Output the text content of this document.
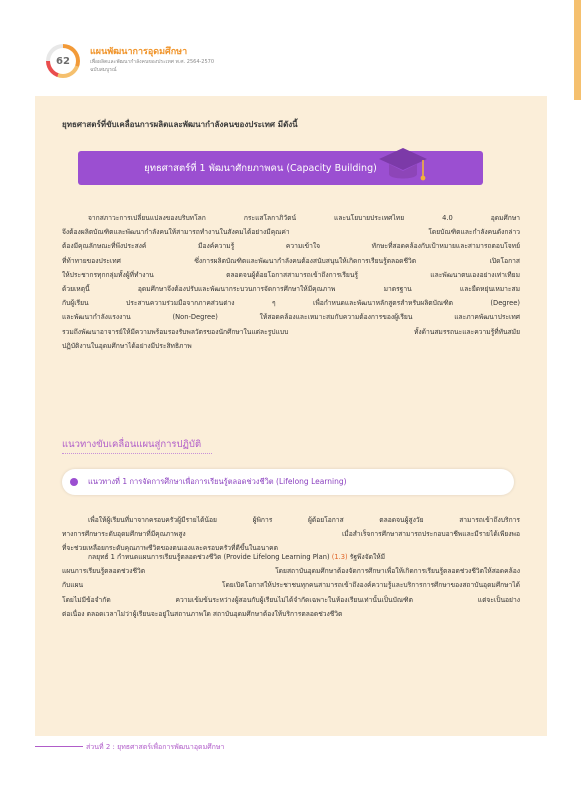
62
แผนพัฒนาการอุดมศึกษา
เพื่อผลิตและพัฒนากำลังคนของประเทศ พ.ศ. 2564-2570
ฉบับสมบูรณ์
ยุทธศาสตร์ที่ขับเคลื่อนการผลิตและพัฒนากำลังคนของประเทศ มีดังนี้
ยุทธศาสตร์ที่ 1 พัฒนาศักยภาพคน (Capacity Building)
จากสภาวะการเปลี่ยนแปลงของบริบทโลก กระแสโลกาภิวัตน์ และนโยบายประเทศไทย 4.0 อุดมศึกษา
จึงต้องผลิตบัณฑิตและพัฒนากำลังคนให้สามารถทำงานในสังคมได้อย่างมีคุณค่า โดยบัณฑิตและกำลังคนดังกล่าว
ต้องมีคุณลักษณะที่พึงประสงค์ มีองค์ความรู้ ความเข้าใจ ทักษะที่สอดคล้องกับเป้าหมายและสามารถตอบโจทย์
ที่ท้าทายของประเทศ ซึ่งการผลิตบัณฑิตและพัฒนากำลังคนต้องสนับสนุนให้เกิดการเรียนรู้ตลอดชีวิต เปิดโอกาส
ให้ประชากรทุกกลุ่มทั้งผู้ที่ทำงาน ตลอดจนผู้ด้อยโอกาสสามารถเข้าถึงการเรียนรู้ และพัฒนาตนเองอย่างเท่าเทียม
ด้วยเหตุนี้ อุดมศึกษาจึงต้องปรับและพัฒนากระบวนการจัดการศึกษาให้มีคุณภาพ มาตรฐาน และยืดหยุ่นเหมาะสม
กับผู้เรียน ประสานความร่วมมือจากภาคส่วนต่าง ๆ เพื่อกำหนดและพัฒนาหลักสูตรสำหรับผลิตบัณฑิต (Degree)
และพัฒนากำลังแรงงาน (Non-Degree) ให้สอดคล้องและเหมาะสมกับความต้องการของผู้เรียน และภาคพัฒนาประเทศ
รวมถึงพัฒนาอาจารย์ให้มีความพร้อมรองรับพลวัตรของนักศึกษาในแต่ละรูปแบบ ทั้งด้านสมรรถนะและความรู้ที่ทันสมัย
ปฏิบัติงานในอุดมศึกษาได้อย่างมีประสิทธิภาพ
แนวทางขับเคลื่อนแผนสู่การปฏิบัติ
แนวทางที่ 1 การจัดการศึกษาเพื่อการเรียนรู้ตลอดช่วงชีวิต (Lifelong Learning)
เพื่อให้ผู้เรียนที่มาจากครอบครัวผู้มีรายได้น้อย ผู้พิการ ผู้ด้อยโอกาส ตลอดจนผู้สูงวัย สามารถเข้าถึงบริการ
ทางการศึกษาระดับอุดมศึกษาที่มีคุณภาพสูง เมื่อสำเร็จการศึกษาสามารถประกอบอาชีพและมีรายได้เพียงพอ
ที่จะช่วยเหลือยกระดับคุณภาพชีวิตของตนเองและครอบครัวที่ดีขึ้นในอนาคต
กลยุทธ์ 1 กำหนดแผนการเรียนรู้ตลอดช่วงชีวิต (Provide Lifelong Learning Plan) (1.3) รัฐพึงจัดให้มี
แผนการเรียนรู้ตลอดช่วงชีวิต โดยสถาบันอุดมศึกษาต้องจัดการศึกษาเพื่อให้เกิดการเรียนรู้ตลอดช่วงชีวิตให้สอดคล้อง
กับแผน โดยเปิดโอกาสให้ประชาชนทุกคนสามารถเข้าถึงองค์ความรู้และบริการการศึกษาของสถาบันอุดมศึกษาได้
โดยไม่มีข้อจำกัด ความเข้มข้นระหว่างผู้สอนกับผู้เรียนไม่ได้จำกัดเฉพาะในห้องเรียนเท่านั้นเป็นบัณฑิต แต่จะเป็นอย่าง
ต่อเนื่อง ตลอดเวลาไม่ว่าผู้เรียนจะอยู่ในสถานภาพใด สถาบันอุดมศึกษาต้องให้บริการตลอดช่วงชีวิต
ส่วนที่ 2 : ยุทธศาสตร์เพื่อการพัฒนาอุดมศึกษา
